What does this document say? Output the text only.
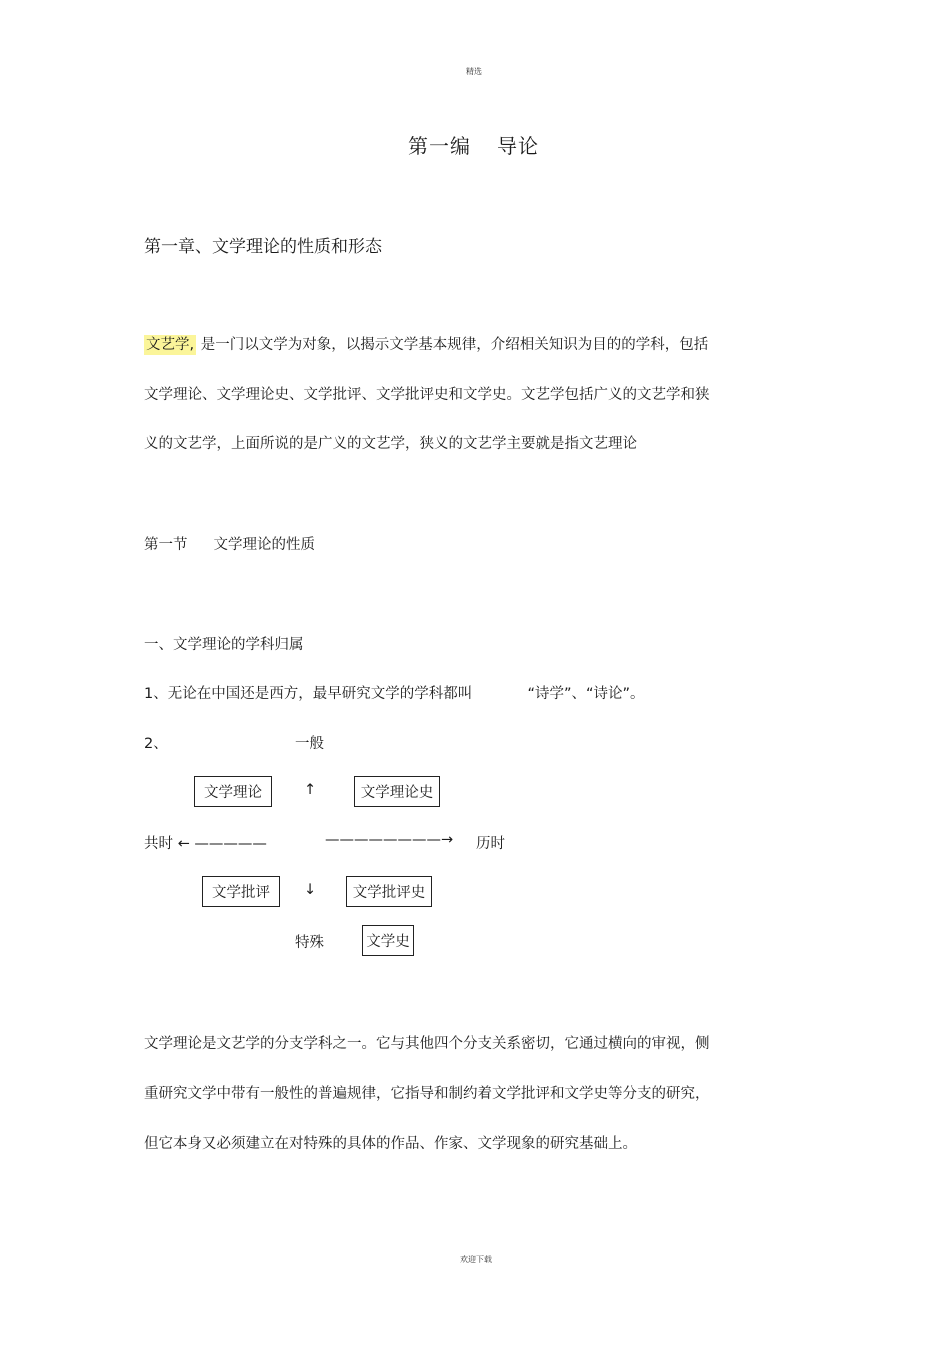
精选
第一编 导论
第一章、文学理论的性质和形态
文艺学, 是一门以文学为对象，以揭示文学基本规律，介绍相关知识为目的的学科，包括
文学理论、文学理论史、文学批评、文学批评史和文学史。文艺学包括广义的文艺学和狭
义的文艺学，上面所说的是广义的文艺学，狭义的文艺学主要就是指文艺理论
第一节 文学理论的性质
一、文学理论的学科归属
1、无论在中国还是西方，最早研究文学的学科都叫	“诗学”、“诗论”。
2、	一般
文学理论	↑	文学理论史
共时 ← —————	————————→ 历时
文学批评	↓	文学批评史
特殊	文学史
文学理论是文艺学的分支学科之一。它与其他四个分支关系密切，它通过横向的审视，侧
重研究文学中带有一般性的普遍规律，它指导和制约着文学批评和文学史等分支的研究，
但它本身又必须建立在对特殊的具体的作品、作家、文学现象的研究基础上。
欢迎下载
